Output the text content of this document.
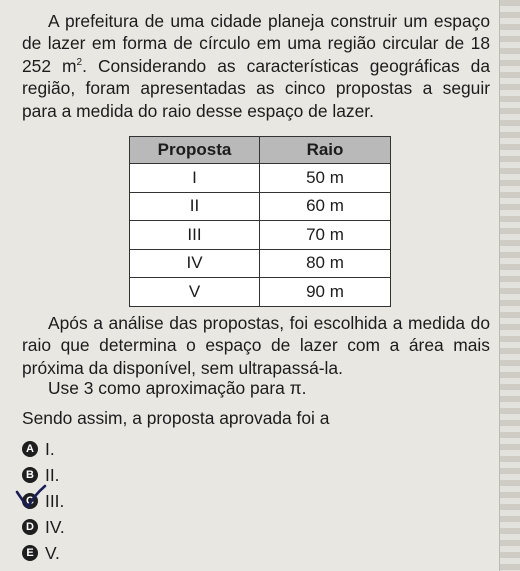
A prefeitura de uma cidade planeja construir um espaço de lazer em forma de círculo em uma região circular de 18 252 $m^2$. Considerando as características geográficas da região, foram apresentadas as cinco propostas a seguir para a medida do raio desse espaço de lazer.

Proposta	Raio
I	50 m
II	60 m
III	70 m
IV	80 m
V	90 m

Após a análise das propostas, foi escolhida a medida do raio que determina o espaço de lazer com a área mais próxima da disponível, sem ultrapassá-la.

Use 3 como aproximação para π.

Sendo assim, a proposta aprovada foi a

A I.
B II.
C III.
D IV.
E V.
